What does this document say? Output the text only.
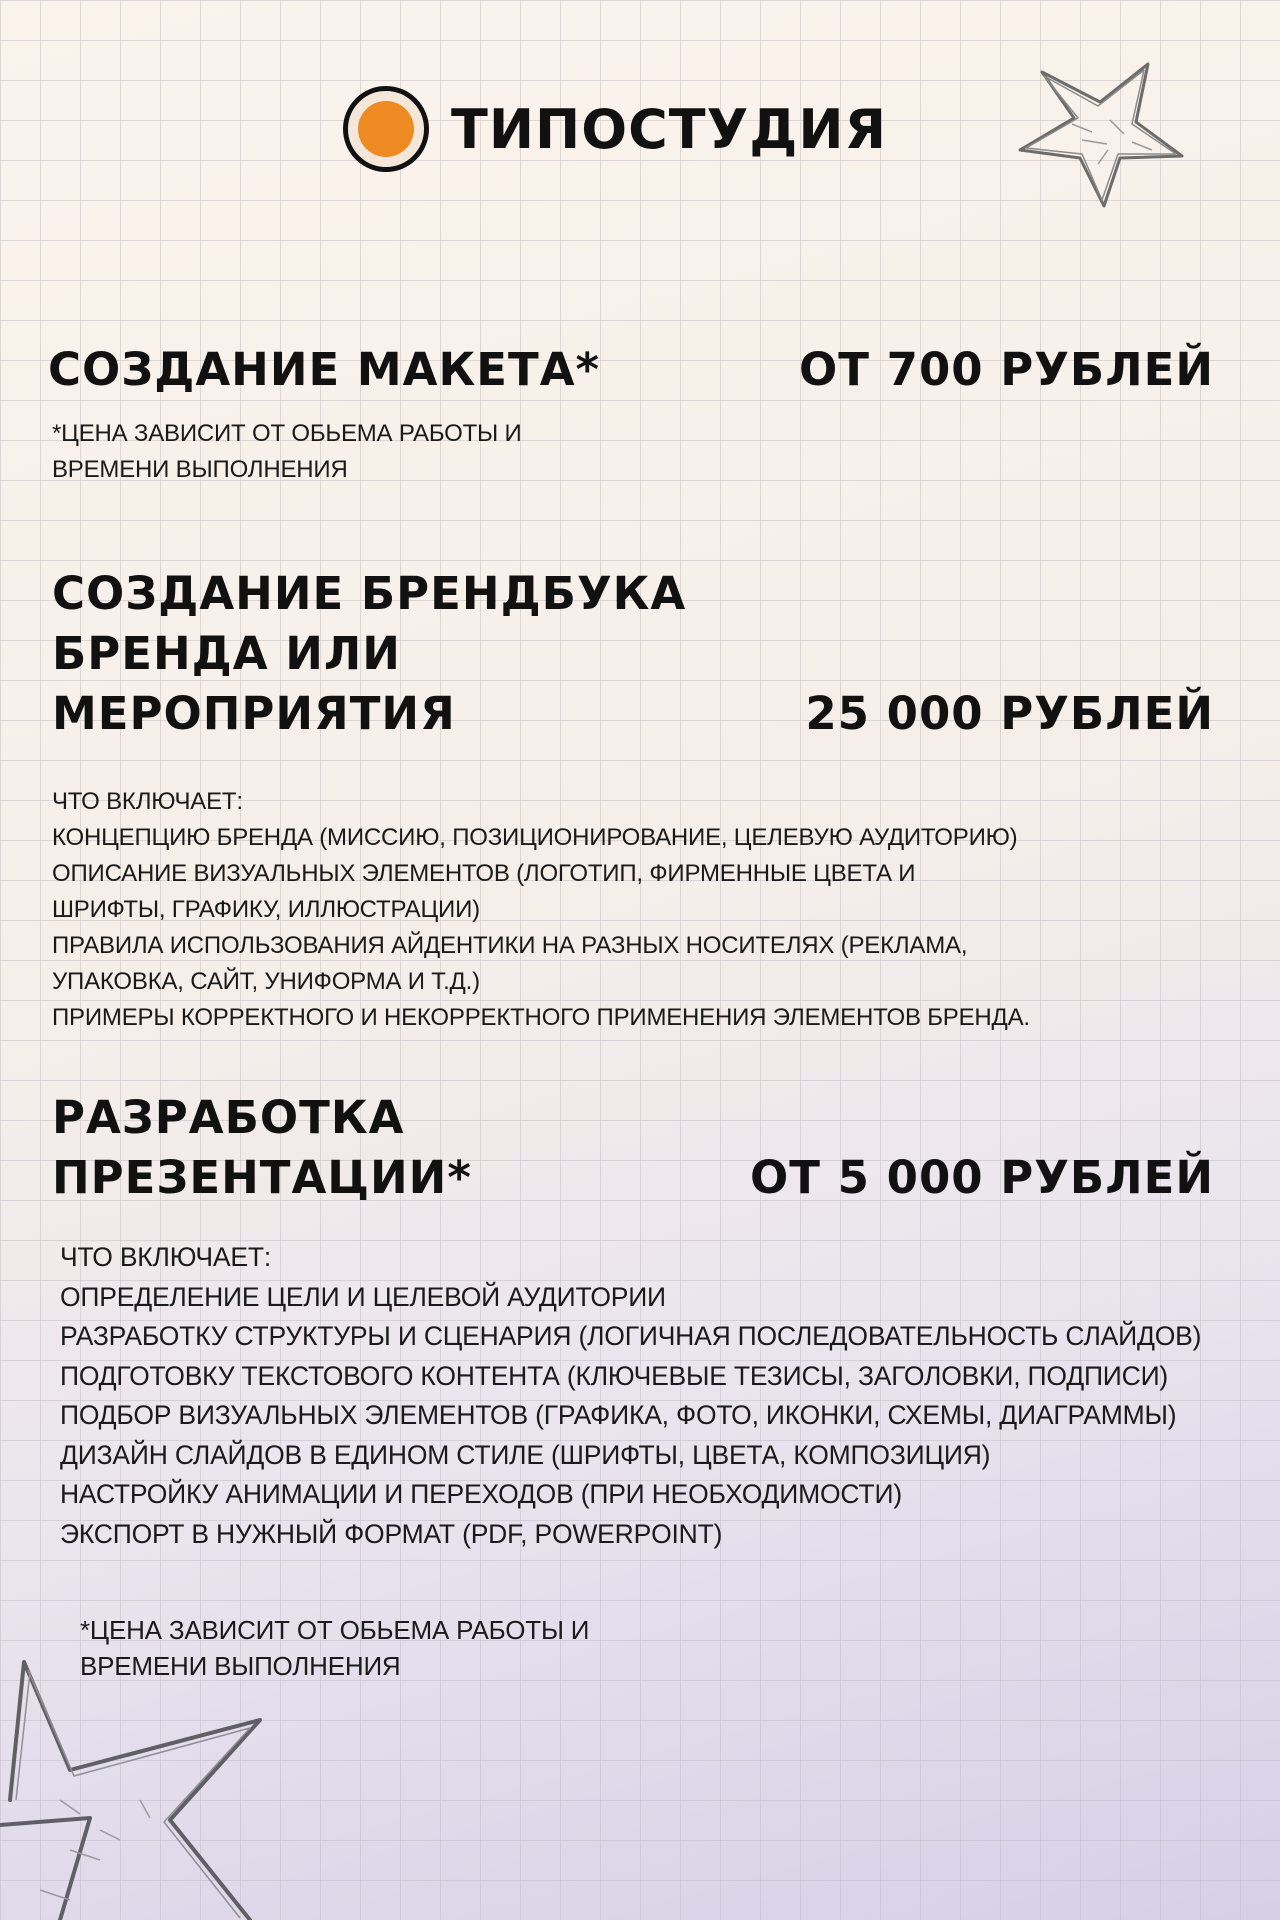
ТИПОСТУДИЯ
СОЗДАНИЕ МАКЕТА*	ОТ 700 РУБЛЕЙ
*ЦЕНА ЗАВИСИТ ОТ ОБЬЕМА РАБОТЫ И
ВРЕМЕНИ ВЫПОЛНЕНИЯ
СОЗДАНИЕ БРЕНДБУКА
БРЕНДА ИЛИ
МЕРОПРИЯТИЯ	25 000 РУБЛЕЙ
ЧТО ВКЛЮЧАЕТ:
КОНЦЕПЦИЮ БРЕНДА (МИССИЮ, ПОЗИЦИОНИРОВАНИЕ, ЦЕЛЕВУЮ АУДИТОРИЮ)
ОПИСАНИЕ ВИЗУАЛЬНЫХ ЭЛЕМЕНТОВ (ЛОГОТИП, ФИРМЕННЫЕ ЦВЕТА И
ШРИФТЫ, ГРАФИКУ, ИЛЛЮСТРАЦИИ)
ПРАВИЛА ИСПОЛЬЗОВАНИЯ АЙДЕНТИКИ НА РАЗНЫХ НОСИТЕЛЯХ (РЕКЛАМА,
УПАКОВКА, САЙТ, УНИФОРМА И Т.Д.)
ПРИМЕРЫ КОРРЕКТНОГО И НЕКОРРЕКТНОГО ПРИМЕНЕНИЯ ЭЛЕМЕНТОВ БРЕНДА.
РАЗРАБОТКА
ПРЕЗЕНТАЦИИ*	ОТ 5 000 РУБЛЕЙ
ЧТО ВКЛЮЧАЕТ:
ОПРЕДЕЛЕНИЕ ЦЕЛИ И ЦЕЛЕВОЙ АУДИТОРИИ
РАЗРАБОТКУ СТРУКТУРЫ И СЦЕНАРИЯ (ЛОГИЧНАЯ ПОСЛЕДОВАТЕЛЬНОСТЬ СЛАЙДОВ)
ПОДГОТОВКУ ТЕКСТОВОГО КОНТЕНТА (КЛЮЧЕВЫЕ ТЕЗИСЫ, ЗАГОЛОВКИ, ПОДПИСИ)
ПОДБОР ВИЗУАЛЬНЫХ ЭЛЕМЕНТОВ (ГРАФИКА, ФОТО, ИКОНКИ, СХЕМЫ, ДИАГРАММЫ)
ДИЗАЙН СЛАЙДОВ В ЕДИНОМ СТИЛЕ (ШРИФТЫ, ЦВЕТА, КОМПОЗИЦИЯ)
НАСТРОЙКУ АНИМАЦИИ И ПЕРЕХОДОВ (ПРИ НЕОБХОДИМОСТИ)
ЭКСПОРТ В НУЖНЫЙ ФОРМАТ (PDF, POWERPOINT)
*ЦЕНА ЗАВИСИТ ОТ ОБЬЕМА РАБОТЫ И
ВРЕМЕНИ ВЫПОЛНЕНИЯ
